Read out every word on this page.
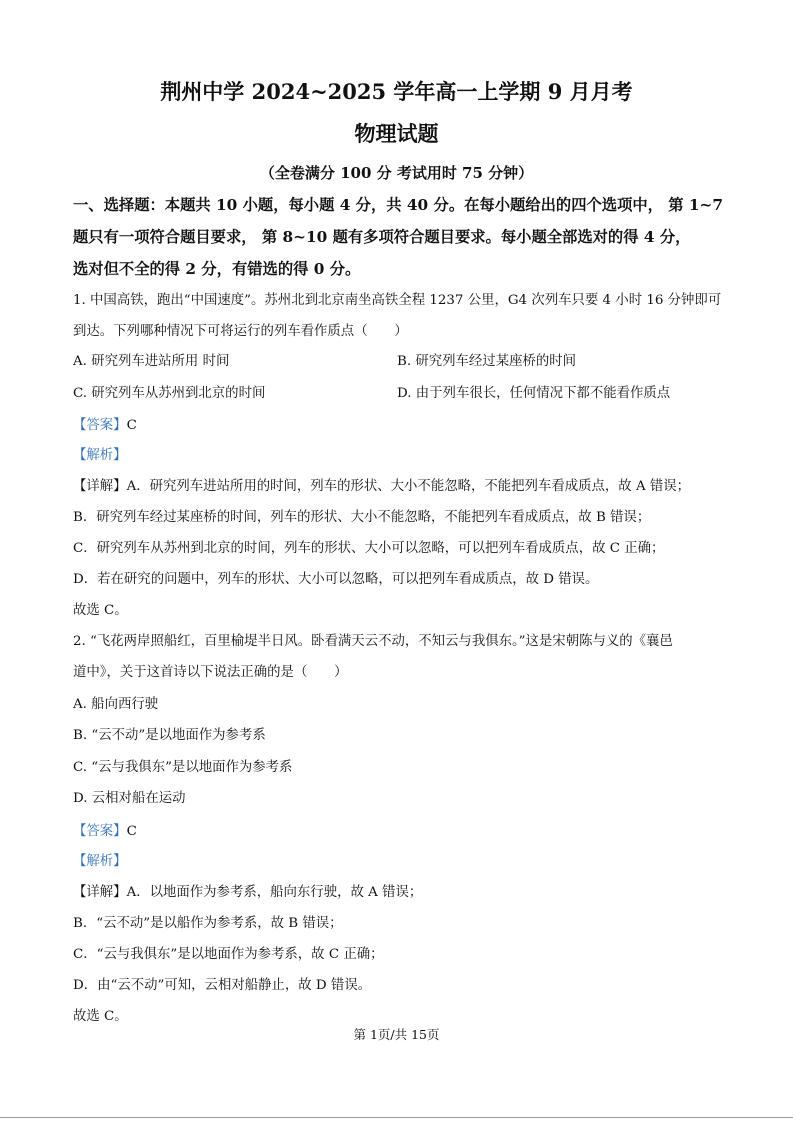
荆州中学 2024~2025 学年高一上学期 9 月月考
物理试题
（全卷满分 100 分 考试用时 75 分钟）
一、选择题：本题共 10 小题，每小题 4 分，共 40 分。在每小题给出的四个选项中， 第 1~7
题只有一项符合题目要求， 第 8~10 题有多项符合题目要求。每小题全部选对的得 4 分，
选对但不全的得 2 分，有错选的得 0 分。
1. 中国高铁，跑出“中国速度”。苏州北到北京南坐高铁全程 1237 公里，G4 次列车只要 4 小时 16 分钟即可
到达。下列哪种情况下可将运行的列车看作质点（　　）
A. 研究列车进站所用 时间	B. 研究列车经过某座桥的时间
C. 研究列车从苏州到北京的时间	D. 由于列车很长，任何情况下都不能看作质点
【答案】C
【解析】
【详解】A．研究列车进站所用的时间，列车的形状、大小不能忽略，不能把列车看成质点，故 A 错误；
B．研究列车经过某座桥的时间，列车的形状、大小不能忽略，不能把列车看成质点，故 B 错误；
C．研究列车从苏州到北京的时间，列车的形状、大小可以忽略，可以把列车看成质点，故 C 正确；
D．若在研究的问题中，列车的形状、大小可以忽略，可以把列车看成质点，故 D 错误。
故选 C。
2. “飞花两岸照船红，百里榆堤半日风。卧看满天云不动，不知云与我俱东。”这是宋朝陈与义的《襄邑
道中》，关于这首诗以下说法正确的是（　　）
A. 船向西行驶
B. “云不动”是以地面作为参考系
C. “云与我俱东”是以地面作为参考系
D. 云相对船在运动
【答案】C
【解析】
【详解】A．以地面作为参考系，船向东行驶，故 A 错误；
B．“云不动”是以船作为参考系，故 B 错误；
C．“云与我俱东”是以地面作为参考系，故 C 正确；
D．由“云不动”可知，云相对船静止，故 D 错误。
故选 C。
第 1页/共 15页
